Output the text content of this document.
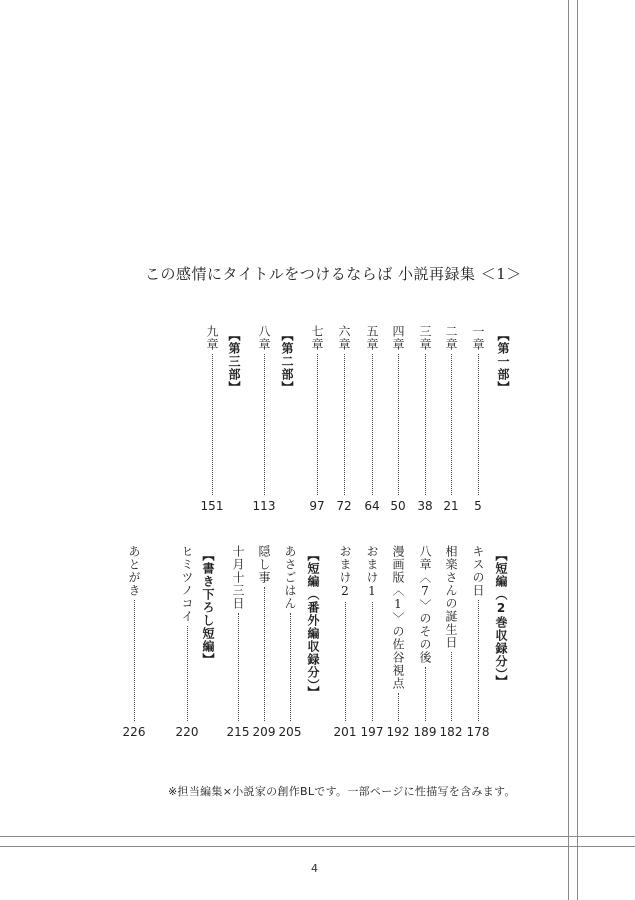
この感情にタイトルをつけるならば 小説再録集 ＜1＞
【第一部】
【第二部】
【第三部】	一章
5
二章
21
三章
38
四章
50
五章
64
六章
72
七章
97
八章
113
九章
151
【短編（2巻収録分）】
【短編（番外編収録分）】
【書き下ろし短編】	キスの日
178
相楽さんの誕生日
182
八章〈7〉のその後
189
漫画版〈1〉の佐谷視点
192
おまけ1
197
おまけ2
201
あさごはん
205
隠し事
209
十月十三日
215
ヒミツノコイ
220
あとがき
226
※担当編集×小説家の創作BLです。一部ページに性描写を含みます。
4
